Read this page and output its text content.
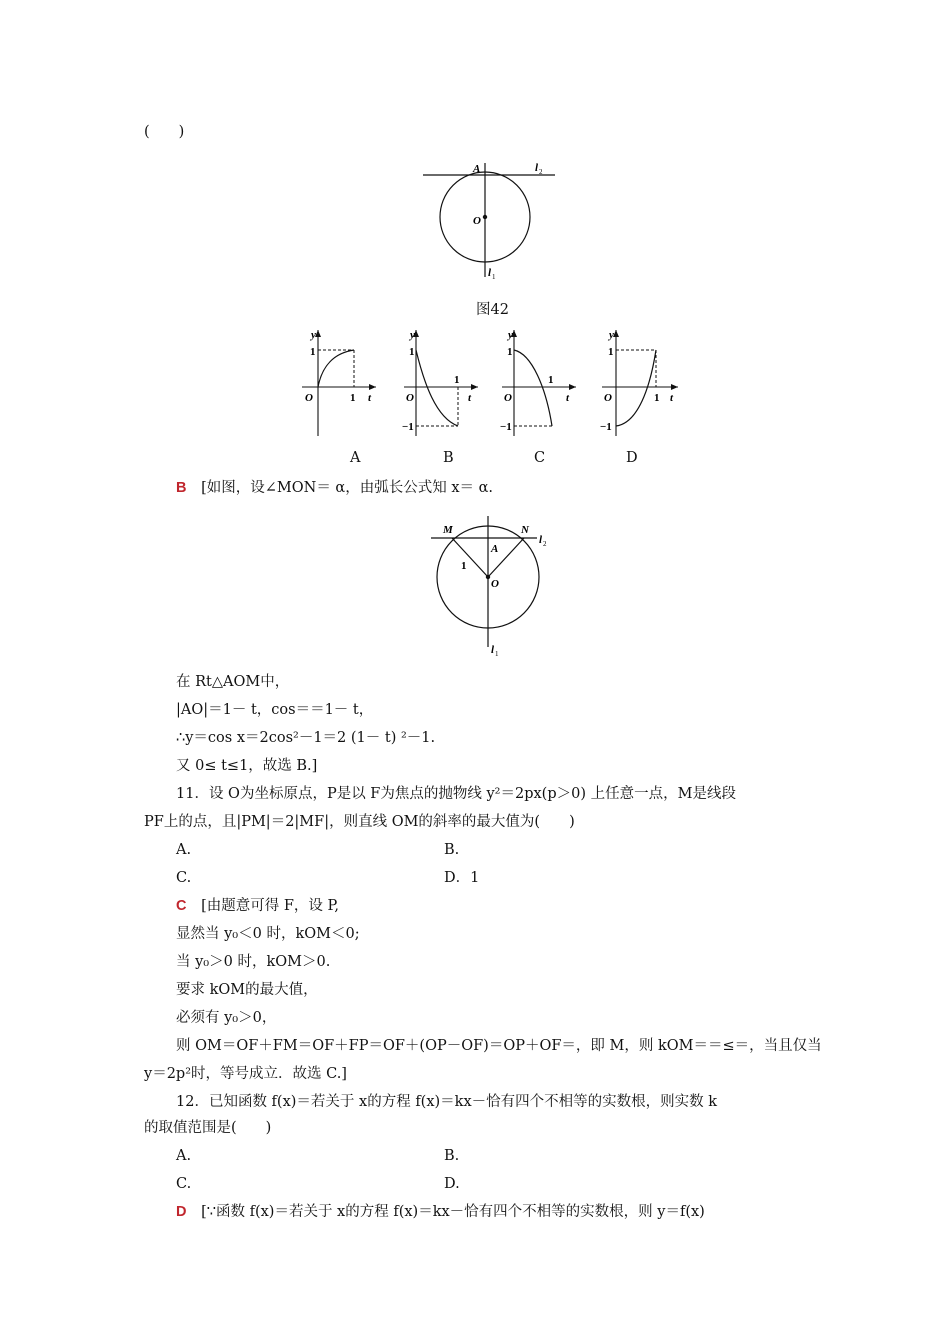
(　　)
A
O
l 2
l 1
图42
y
1
O	1 t
y
1
O
1
t
−1
y
1
O
1
t
−1
y
1
O	1 t
−1
A	B	C	D
B [如图，设∠MON＝ α，由弧长公式知 x＝ α.
M	N
A
O
1
l 2
l 1
在 Rt△AOM中，
|AO|＝1－ t，cos＝＝1－ t，
∴y＝cos x＝2cos²－1＝2 (1－ t) ²－1.
又 0≤ t≤1，故选 B.]
11．设 O为坐标原点，P是以 F为焦点的抛物线 y²＝2px(p＞0) 上任意一点，M是线段
PF上的点，且|PM|＝2|MF|，则直线 OM的斜率的最大值为(　　)
A.	B.
C.	D．1
C [由题意可得 F，设 P,
显然当 y₀＜0 时，kOM＜0;
当 y₀＞0 时，kOM＞0.
要求 kOM的最大值，
必须有 y₀＞0，
则 OM＝OF＋FM＝OF＋FP＝OF＋(OP－OF)＝OP＋OF＝，即 M，则 kOM＝＝≤＝，当且仅当
y＝2p²时，等号成立．故选 C.]
12．已知函数 f(x)＝若关于 x的方程 f(x)＝kx－恰有四个不相等的实数根，则实数 k
的取值范围是(　　)
A.	B.
C.	D.
D [∵函数 f(x)＝若关于 x的方程 f(x)＝kx－恰有四个不相等的实数根，则 y＝f(x)
